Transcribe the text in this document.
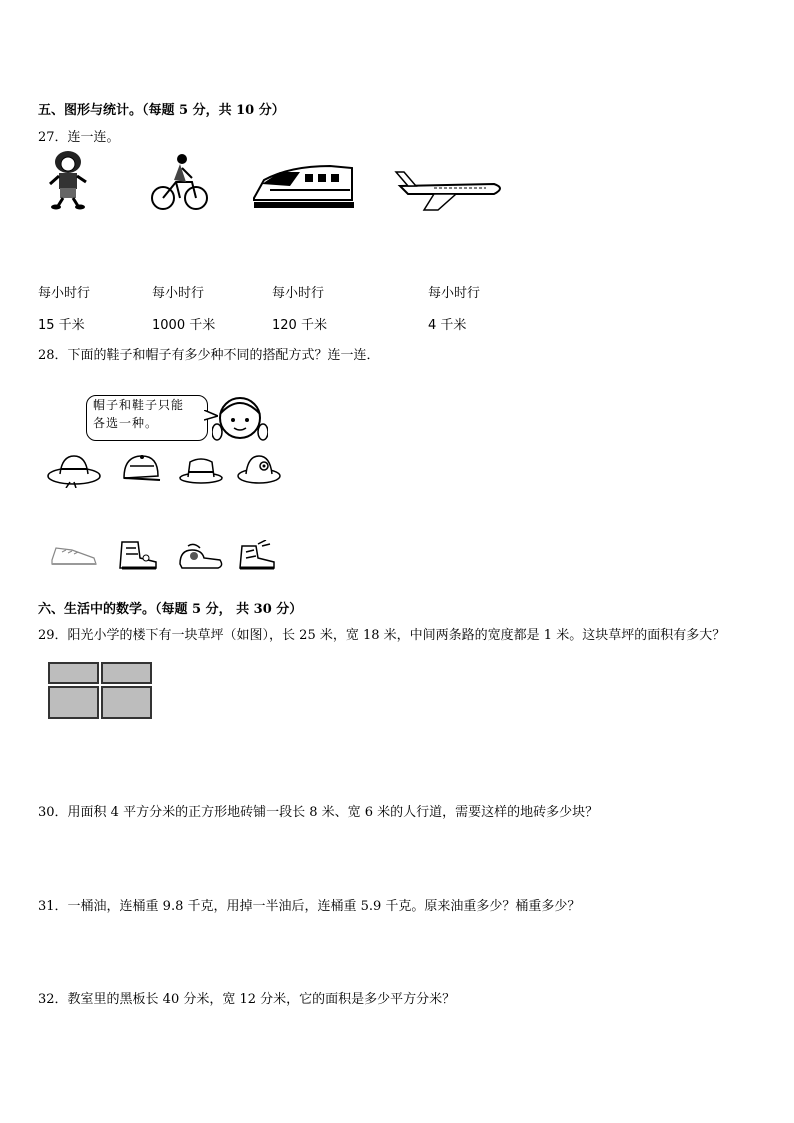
五、图形与统计。（每题 5 分，共 10 分）
27．连一连。
每小时行
15 千米
每小时行
1000 千米
每小时行
120 千米
每小时行
4 千米
28．下面的鞋子和帽子有多少种不同的搭配方式？连一连．
帽子和鞋子只能
各选一种。
六、生活中的数学。（每题 5 分， 共 30 分）
29．阳光小学的楼下有一块草坪（如图），长 25 米，宽 18 米，中间两条路的宽度都是 1 米。这块草坪的面积有多大？
30．用面积 4 平方分米的正方形地砖铺一段长 8 米、宽 6 米的人行道，需要这样的地砖多少块？
31．一桶油，连桶重 9.8 千克，用掉一半油后，连桶重 5.9 千克。原来油重多少？桶重多少？
32．教室里的黑板长 40 分米，宽 12 分米，它的面积是多少平方分米？
